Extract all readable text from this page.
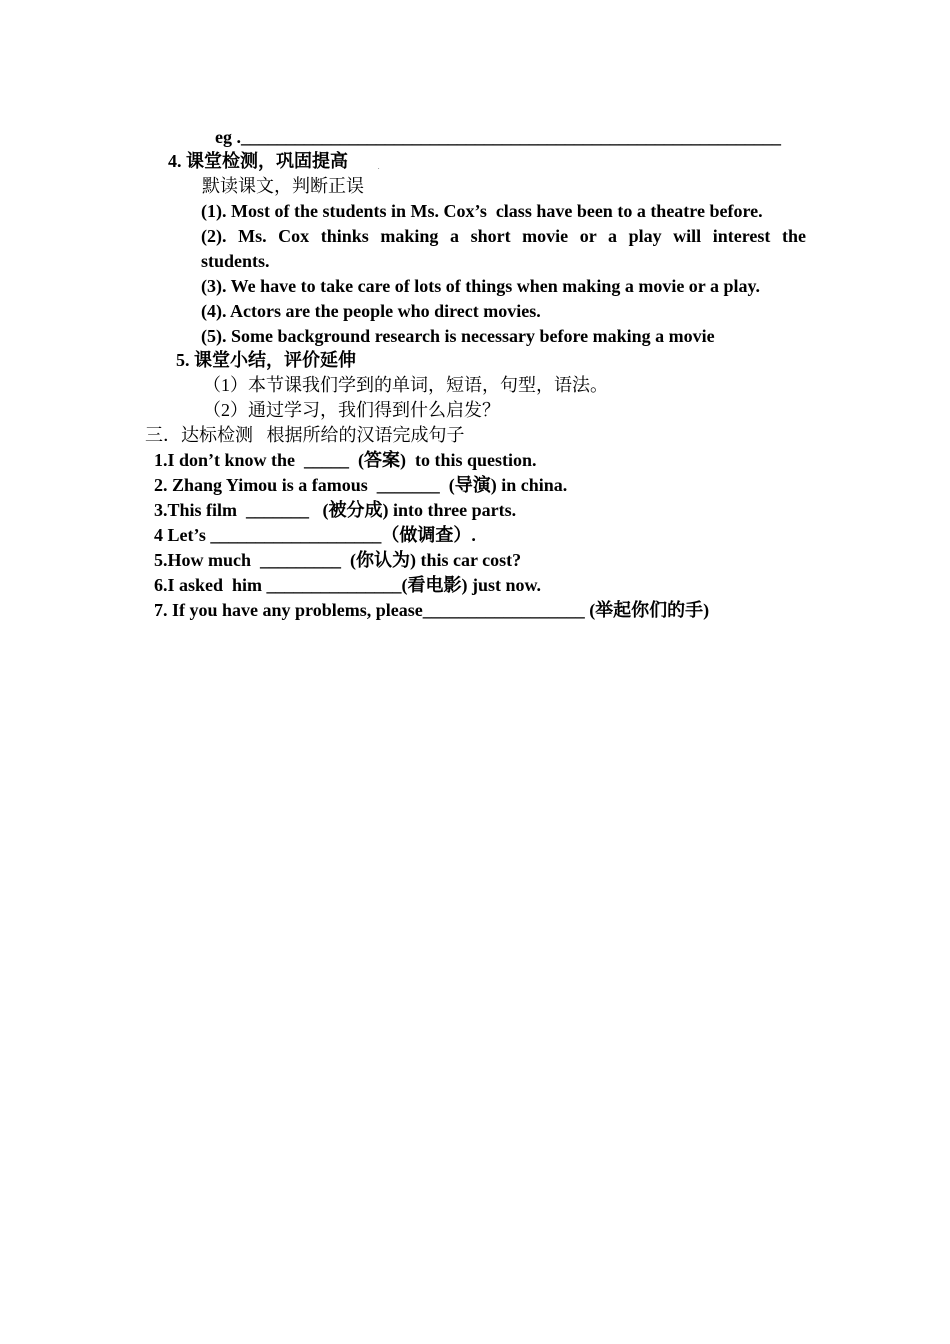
eg .____________________________________________________________
4. 课堂检测，巩固提高	.
默读课文，判断正误
(1). Most of the students in Ms. Cox’s  class have been to a theatre before.
(2). Ms. Cox thinks making a short movie or a play will interest the
students.
(3). We have to take care of lots of things when making a movie or a play.
(4). Actors are the people who direct movies.
(5). Some background research is necessary before making a movie
5. 课堂小结，评价延伸
（1）本节课我们学到的单词，短语，句型，语法。
（2）通过学习，我们得到什么启发？
三．达标检测   根据所给的汉语完成句子
1.I don’t know the  _____  (答案)  to this question.
2. Zhang Yimou is a famous  _______  (导演) in china.
3.This film  _______   (被分成) into three parts.
4 Let’s ___________________（做调查）.
5.How much  _________  (你认为) this car cost?
6.I asked  him _______________(看电影) just now.
7. If you have any problems, please__________________ (举起你们的手)
